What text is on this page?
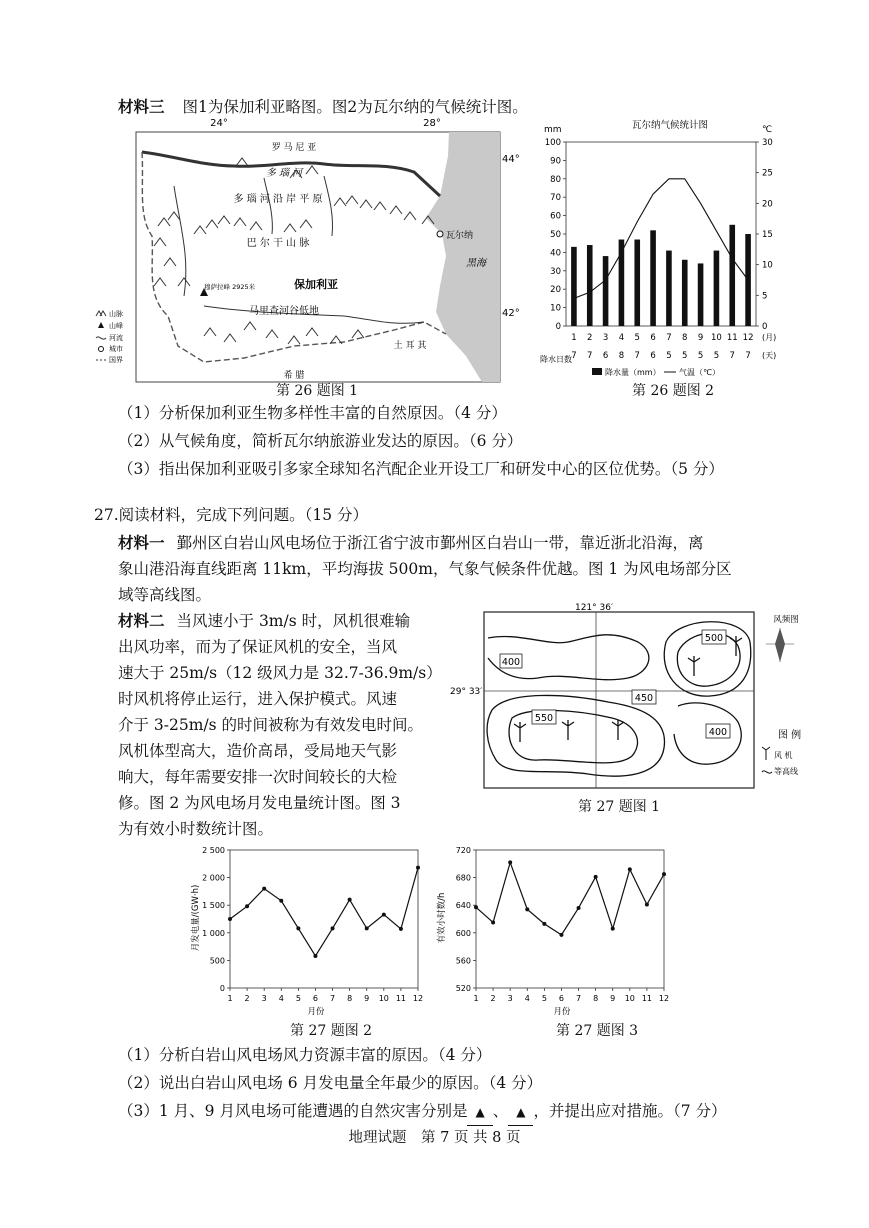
材料三 图1为保加利亚略图。图2为瓦尔纳的气候统计图。
24°	28°
44°
42°
罗 马 尼 亚
多 瑙 河
多 瑙 河 沿 岸 平 原
巴 尔 干 山 脉
瓦尔纳
黑海
保加利亚
穆萨拉峰 2925米
马里查河谷低地
土 耳 其
希 腊
山脉
山峰
河流
城市
国界
第 26 题图 1
瓦尔纳气候统计图
mm	℃
0
10
20
30
40
50
60
70
80
90
100
0
5
10
15
20
25
30
1
7
2
7
3
6
4
8
5
7
6
6
7
5
8
5
9
5
10
5
11
7
12
7
(月)
(天)
降水日数
降水量（mm） 气温（℃）
第 26 题图 2
（1）分析保加利亚生物多样性丰富的自然原因。（4 分）
（2）从气候角度，简析瓦尔纳旅游业发达的原因。（6 分）
（3）指出保加利亚吸引多家全球知名汽配企业开设工厂和研发中心的区位优势。（5 分）
27.阅读材料，完成下列问题。（15 分）
材料一 鄞州区白岩山风电场位于浙江省宁波市鄞州区白岩山一带，靠近浙北沿海，离
象山港沿海直线距离 11km，平均海拔 500m，气象气候条件优越。图 1 为风电场部分区
域等高线图。
材料二 当风速小于 3m/s 时，风机很难输
出风功率，而为了保证风机的安全，当风
速大于 25m/s（12 级风力是 32.7-36.9m/s）
时风机将停止运行，进入保护模式。风速
介于 3-25m/s 的时间被称为有效发电时间。
风机体型高大，造价高昂，受局地天气影
响大，每年需要安排一次时间较长的大检
修。图 2 为风电场月发电量统计图。图 3
为有效小时数统计图。
121° 36′
29° 33′
400
500
450
550
400
风频图
图 例
风 机
等高线
第 27 题图 1
0
500
1 000
1 500
2 000
2 500
1 2 3 4 5 6 7 8 9 10 11 12
月份
月发电量/(GW·h)
第 27 题图 2
520
560
600
640
680
720
1 2 3 4 5 6 7 8 9 10 11 12
月份
有效小时数/h
第 27 题图 3
（1）分析白岩山风电场风力资源丰富的原因。（4 分）
（2）说出白岩山风电场 6 月发电量全年最少的原因。（4 分）
（3）1 月、9 月风电场可能遭遇的自然灾害分别是 ▲ 、 ▲ ，并提出应对措施。（7 分）
地理试题　第 7 页 共 8 页
